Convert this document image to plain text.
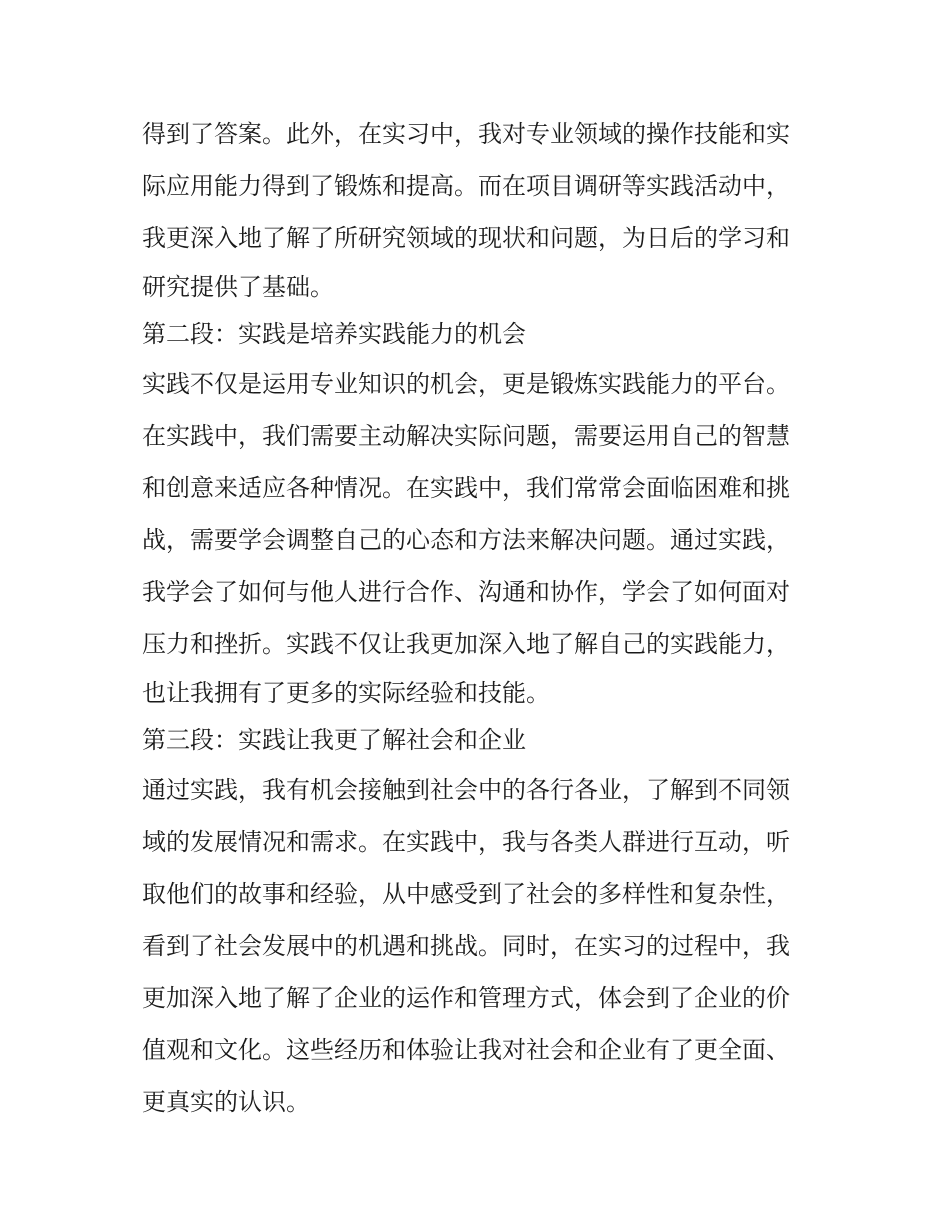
得到了答案。此外，在实习中，我对专业领域的操作技能和实

际应用能力得到了锻炼和提高。而在项目调研等实践活动中，

我更深入地了解了所研究领域的现状和问题，为日后的学习和

研究提供了基础。

第二段：实践是培养实践能力的机会

实践不仅是运用专业知识的机会，更是锻炼实践能力的平台。

在实践中，我们需要主动解决实际问题，需要运用自己的智慧

和创意来适应各种情况。在实践中，我们常常会面临困难和挑

战，需要学会调整自己的心态和方法来解决问题。通过实践，

我学会了如何与他人进行合作、沟通和协作，学会了如何面对

压力和挫折。实践不仅让我更加深入地了解自己的实践能力，

也让我拥有了更多的实际经验和技能。

第三段：实践让我更了解社会和企业

通过实践，我有机会接触到社会中的各行各业，了解到不同领

域的发展情况和需求。在实践中，我与各类人群进行互动，听

取他们的故事和经验，从中感受到了社会的多样性和复杂性，

看到了社会发展中的机遇和挑战。同时，在实习的过程中，我

更加深入地了解了企业的运作和管理方式，体会到了企业的价

值观和文化。这些经历和体验让我对社会和企业有了更全面、

更真实的认识。
